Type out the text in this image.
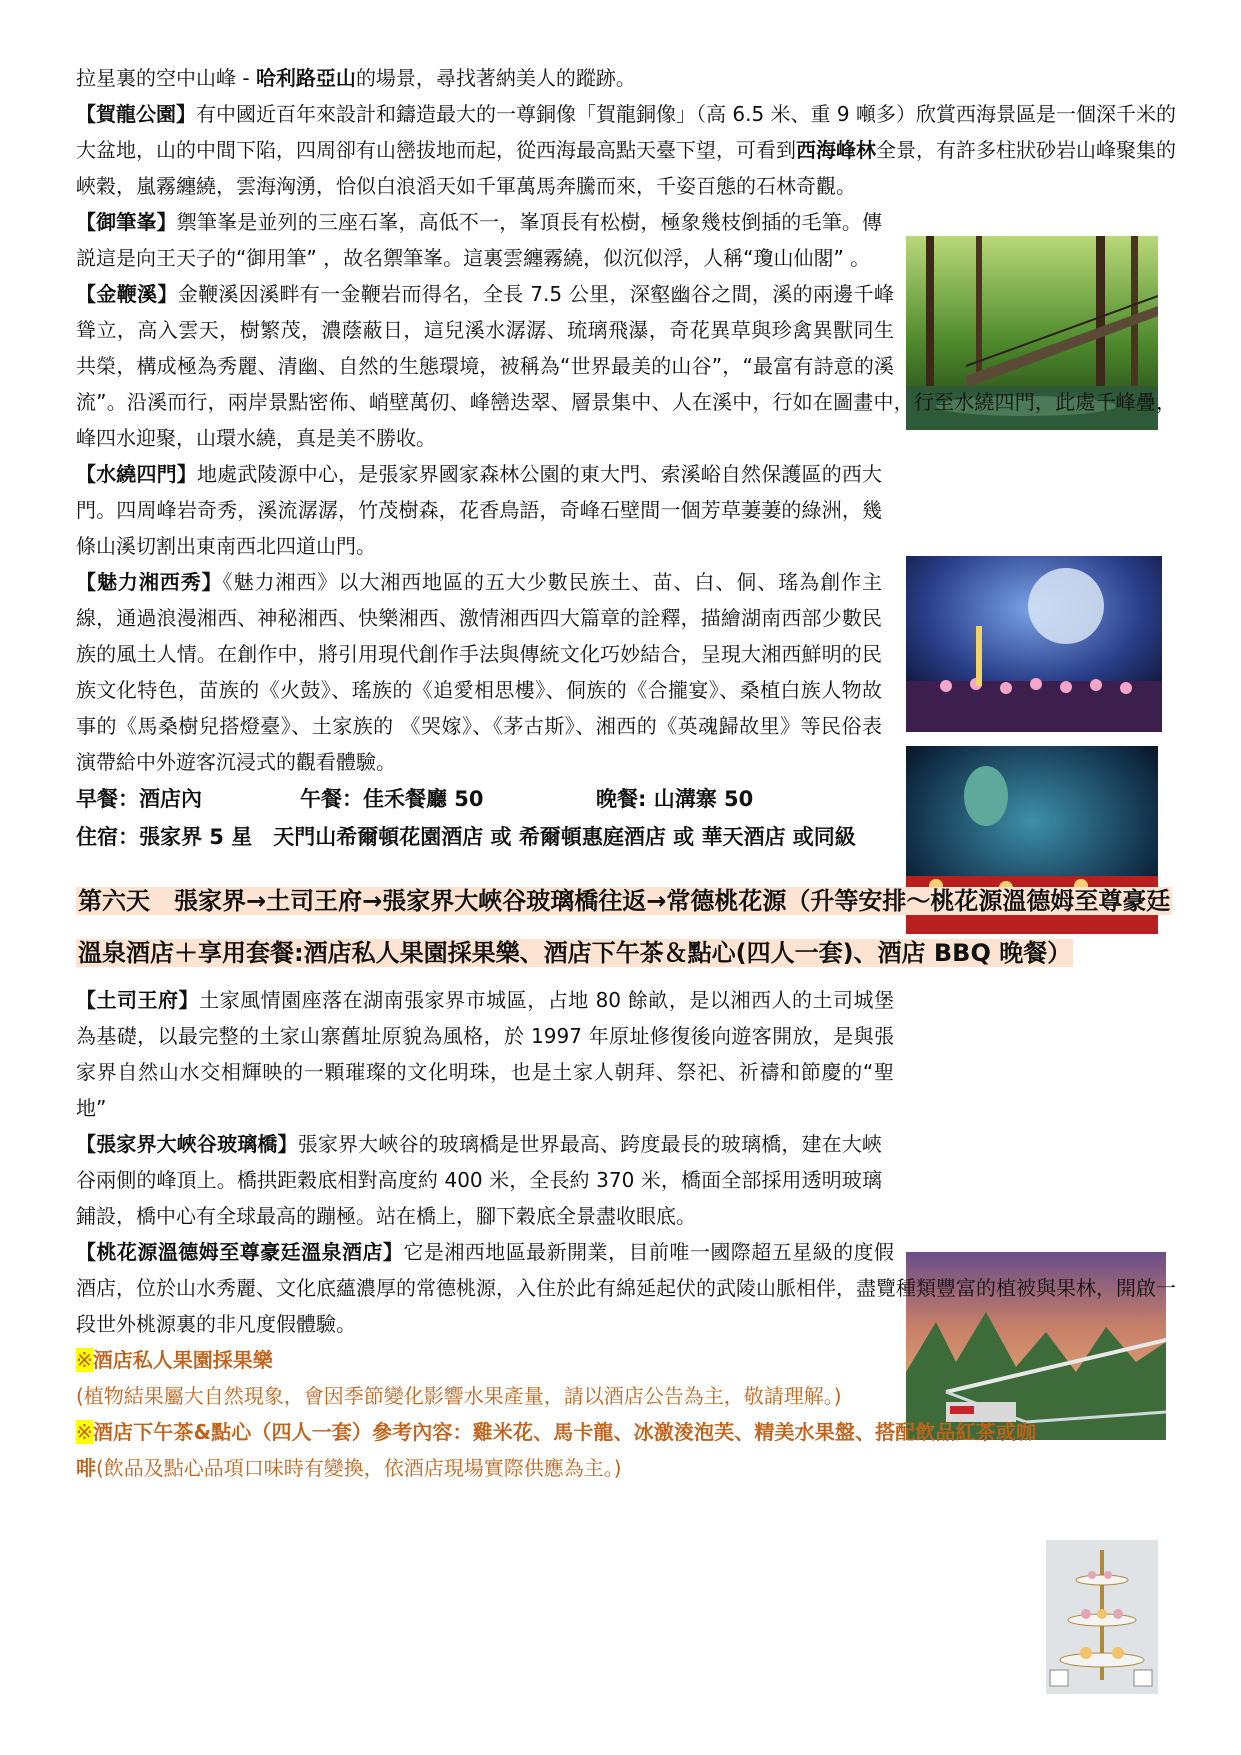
拉星裏的空中山峰 - 哈利路亞山的場景，尋找著納美人的蹤跡。

【賀龍公園】有中國近百年來設計和鑄造最大的一尊銅像「賀龍銅像」（高 6.5 米、重 9 噸多）欣賞西海景區是一個深千米的大盆地，山的中間下陷，四周卻有山巒拔地而起，從西海最高點天臺下望，可看到西海峰林全景，有許多柱狀砂岩山峰聚集的峽穀，嵐霧纏繞，雲海洶湧，恰似白浪滔天如千軍萬馬奔騰而來，千姿百態的石林奇觀。

【御筆峯】禦筆峯是並列的三座石峯，高低不一，峯頂長有松樹，極象幾枝倒插的毛筆。傳説這是向王天子的“御用筆” ，故名禦筆峯。這裏雲纏霧繞，似沉似浮，人稱“瓊山仙閣” 。

【金鞭溪】金鞭溪因溪畔有一金鞭岩而得名，全長 7.5 公里，深壑幽谷之間，溪的兩邊千峰聳立，高入雲天，樹繁茂，濃蔭蔽日，這兒溪水潺潺、琉璃飛瀑，奇花異草與珍禽異獸同生共榮，構成極為秀麗、清幽、自然的生態環境，被稱為“世界最美的山谷”，“最富有詩意的溪流”。沿溪而行，兩岸景點密佈、峭壁萬仞、峰巒迭翠、層景集中、人在溪中，行如在圖畫中，行至水繞四門，此處千峰疊，峰四水迎聚，山環水繞，真是美不勝收。

【水繞四門】地處武陵源中心，是張家界國家森林公園的東大門、索溪峪自然保護區的西大門。四周峰岩奇秀，溪流潺潺，竹茂樹森，花香鳥語，奇峰石壁間一個芳草萋萋的綠洲，幾條山溪切割出東南西北四道山門。

【魅力湘西秀】《魅力湘西》以大湘西地區的五大少數民族土、苗、白、侗、瑤為創作主線，通過浪漫湘西、神秘湘西、快樂湘西、激情湘西四大篇章的詮釋，描繪湖南西部少數民族的風土人情。在創作中，將引用現代創作手法與傳統文化巧妙結合，呈現大湘西鮮明的民族文化特色，苗族的《火鼓》、瑤族的《追愛相思樓》、侗族的《合攏宴》、桑植白族人物故事的《馬桑樹兒搭燈臺》、土家族的 《哭嫁》、《茅古斯》、湘西的《英魂歸故里》等民俗表演帶給中外遊客沉浸式的觀看體驗。

早餐：酒店內	午餐：佳禾餐廳 50	晚餐: 山溝寨 50
住宿：張家界 5 星　天門山希爾頓花園酒店 或 希爾頓惠庭酒店 或 華天酒店 或同級
第六天　張家界→土司王府→張家界大峽谷玻璃橋往返→常德桃花源（升等安排～桃花源溫德姆至尊豪廷溫泉酒店＋享用套餐:酒店私人果園採果樂、酒店下午茶＆點心(四人一套)、酒店 BBQ 晚餐）

【土司王府】土家風情園座落在湖南張家界市城區，占地 80 餘畝，是以湘西人的土司城堡為基礎，以最完整的土家山寨舊址原貌為風格，於 1997 年原址修復後向遊客開放，是與張家界自然山水交相輝映的一顆璀璨的文化明珠，也是土家人朝拜、祭祀、祈禱和節慶的“聖地”

【張家界大峽谷玻璃橋】張家界大峽谷的玻璃橋是世界最高、跨度最長的玻璃橋，建在大峽谷兩側的峰頂上。橋拱距穀底相對高度約 400 米，全長約 370 米，橋面全部採用透明玻璃鋪設，橋中心有全球最高的蹦極。站在橋上，腳下穀底全景盡收眼底。

【桃花源溫德姆至尊豪廷溫泉酒店】它是湘西地區最新開業，目前唯一國際超五星級的度假酒店，位於山水秀麗、文化底蘊濃厚的常德桃源，入住於此有綿延起伏的武陵山脈相伴，盡覽種類豐富的植被與果林，開啟一段世外桃源裏的非凡度假體驗。

※酒店私人果園採果樂

(植物結果屬大自然現象，會因季節變化影響水果產量，請以酒店公告為主，敬請理解。)

※酒店下午茶&點心（四人一套）參考內容：雞米花、馬卡龍、冰激淩泡芙、精美水果盤、搭配飲品紅茶或咖啡(飲品及點心品項口味時有變換，依酒店現場實際供應為主。)
